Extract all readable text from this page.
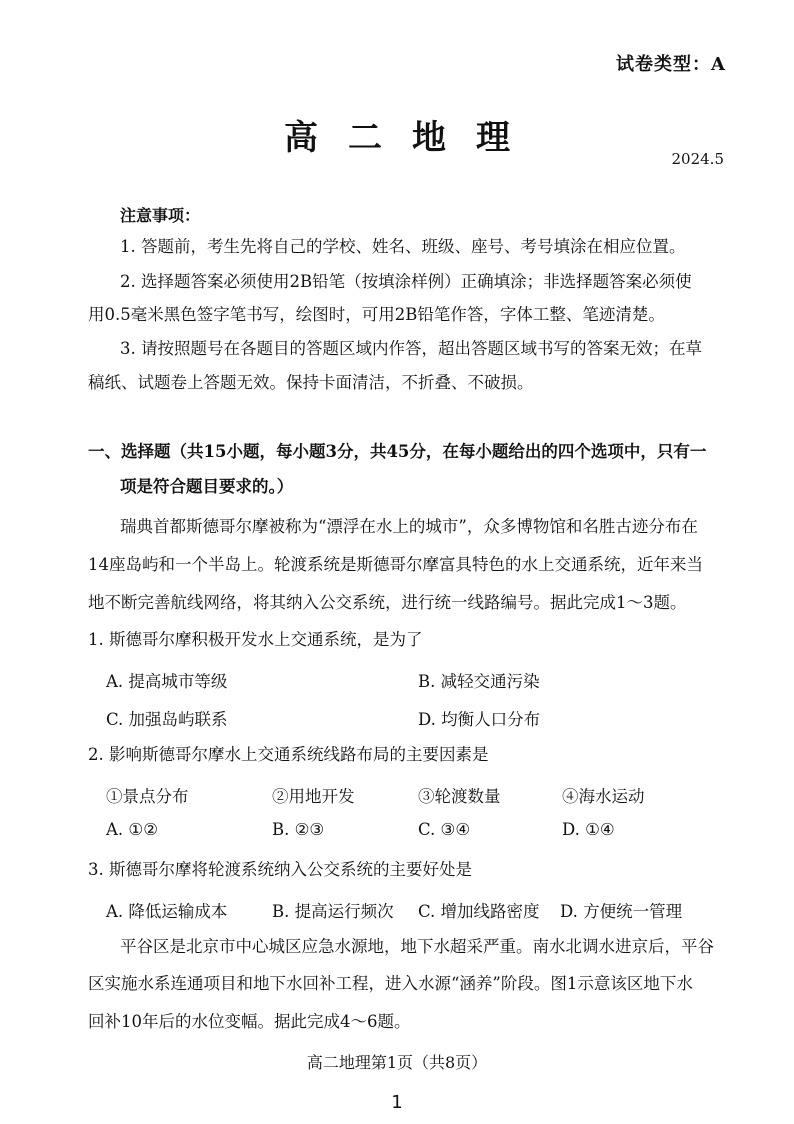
试卷类型：A
高二地理
2024.5
注意事项：
1. 答题前，考生先将自己的学校、姓名、班级、座号、考号填涂在相应位置。
2. 选择题答案必须使用2B铅笔（按填涂样例）正确填涂；非选择题答案必须使
用0.5毫米黑色签字笔书写，绘图时，可用2B铅笔作答，字体工整、笔迹清楚。
3. 请按照题号在各题目的答题区域内作答，超出答题区域书写的答案无效；在草
稿纸、试题卷上答题无效。保持卡面清洁，不折叠、不破损。
一、选择题（共15小题，每小题3分，共45分，在每小题给出的四个选项中，只有一
项是符合题目要求的。）
瑞典首都斯德哥尔摩被称为“漂浮在水上的城市”，众多博物馆和名胜古迹分布在
14座岛屿和一个半岛上。轮渡系统是斯德哥尔摩富具特色的水上交通系统，近年来当
地不断完善航线网络，将其纳入公交系统，进行统一线路编号。据此完成1～3题。
1. 斯德哥尔摩积极开发水上交通系统，是为了
A. 提高城市等级	B. 减轻交通污染
C. 加强岛屿联系	D. 均衡人口分布
2. 影响斯德哥尔摩水上交通系统线路布局的主要因素是
①景点分布	②用地开发	③轮渡数量	④海水运动
A. ①②	B. ②③	C. ③④	D. ①④
3. 斯德哥尔摩将轮渡系统纳入公交系统的主要好处是
A. 降低运输成本	B. 提高运行频次 C. 增加线路密度 D. 方便统一管理
平谷区是北京市中心城区应急水源地，地下水超采严重。南水北调水进京后，平谷
区实施水系连通项目和地下水回补工程，进入水源“涵养”阶段。图1示意该区地下水
回补10年后的水位变幅。据此完成4～6题。
高二地理第1页（共8页）
1
